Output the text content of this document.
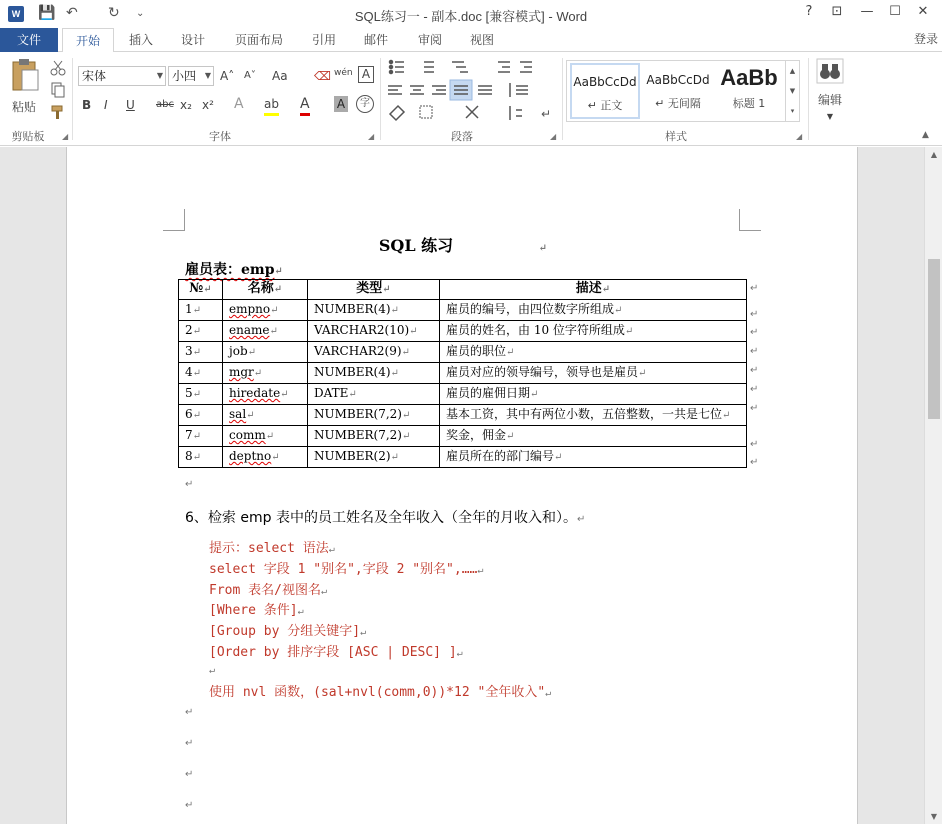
W 💾 ↶ ↻ ⌄	SQL练习一 - 副本.doc [兼容模式] - Word	?	⊡	—	☐	✕
文件	开始	插入	设计	页面布局	引用	邮件	审阅	视图	登录
粘贴
剪贴板	◢
宋体	▼ 小四 ▼ A˄ A˅ Aa ⌫ wén A
B I U abc x₂ x² A ab A A	字
字体	◢
↵
段落	◢
AaBbCcDd
↵ 正文
AaBbCcDd
↵ 无间隔
AaBb
标题 1
▲
▼
▾
样式	◢
编辑
▼
▲
SQL 练习	↵
雇员表：emp↵
№↵	名称↵	类型↵	描述↵
1↵	empno↵	NUMBER(4)↵	雇员的编号，由四位数字所组成↵
2↵	ename↵	VARCHAR2(10)↵	雇员的姓名，由 10 位字符所组成↵
3↵	job↵	VARCHAR2(9)↵	雇员的职位↵
4↵	mgr↵	NUMBER(4)↵	雇员对应的领导编号，领导也是雇员↵
5↵	hiredate↵	DATE↵	雇员的雇佣日期↵
6↵	sal↵	NUMBER(7,2)↵	基本工资，其中有两位小数，五倍整数，一共是七位↵
7↵	comm↵	NUMBER(7,2)↵	奖金，佣金↵
8↵	deptno↵	NUMBER(2)↵	雇员所在的部门编号↵
↵
↵
↵
↵
↵
↵
↵
↵
↵
↵
6、检索 emp 表中的员工姓名及全年收入（全年的月收入和）。↵
提示：select 语法↵
select 字段 1 "别名",字段 2 "别名",……↵
From 表名/视图名↵
[Where 条件]↵
[Group by 分组关键字]↵
[Order by 排序字段 [ASC | DESC] ]↵
↵
使用 nvl 函数，(sal+nvl(comm,0))*12 "全年收入"↵
↵
↵
↵
↵
▲
▼
